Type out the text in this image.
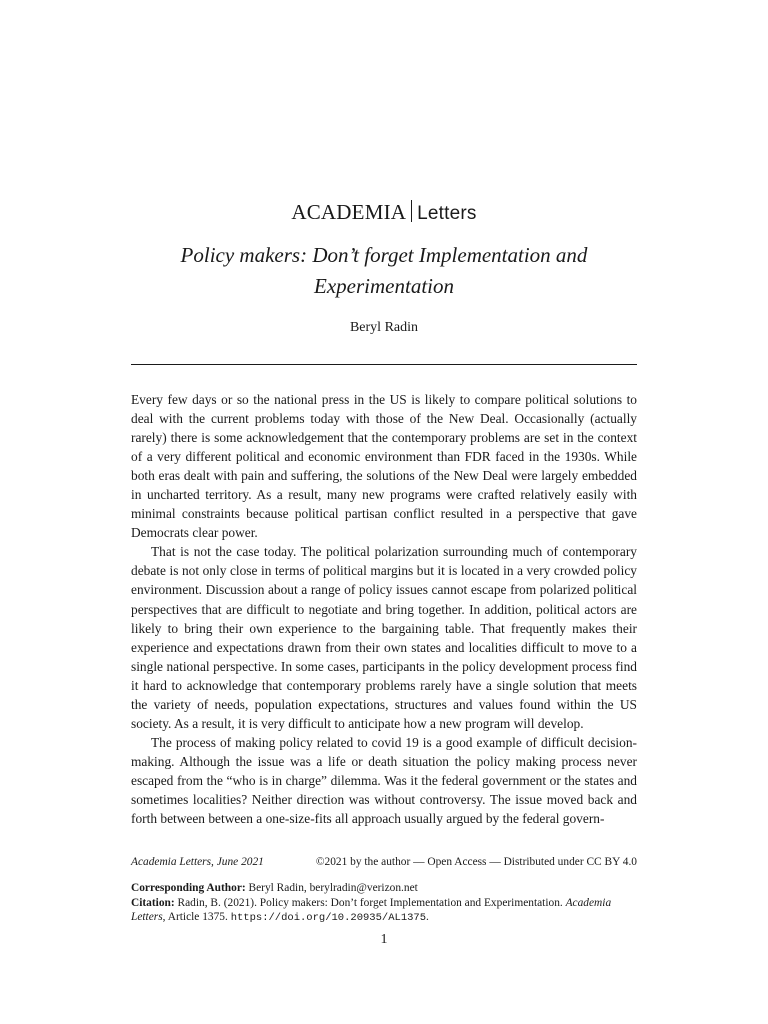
ACADEMIA Letters
Policy makers: Don’t forget Implementation and Experimentation
Beryl Radin

Every few days or so the national press in the US is likely to compare political solutions to deal with the current problems today with those of the New Deal. Occasionally (actually rarely) there is some acknowledgement that the contemporary problems are set in the context of a very different political and economic environment than FDR faced in the 1930s. While both eras dealt with pain and suffering, the solutions of the New Deal were largely embedded in uncharted territory. As a result, many new programs were crafted relatively easily with minimal constraints because political partisan conflict resulted in a perspective that gave Democrats clear power.

That is not the case today. The political polarization surrounding much of contemporary debate is not only close in terms of political margins but it is located in a very crowded policy environment. Discussion about a range of policy issues cannot escape from polarized political perspectives that are difficult to negotiate and bring together. In addition, political actors are likely to bring their own experience to the bargaining table. That frequently makes their experience and expectations drawn from their own states and localities difficult to move to a single national perspective. In some cases, participants in the policy development process find it hard to acknowledge that contemporary problems rarely have a single solution that meets the variety of needs, population expectations, structures and values found within the US society. As a result, it is very difficult to anticipate how a new program will develop.

The process of making policy related to covid 19 is a good example of difficult decision-making. Although the issue was a life or death situation the policy making process never escaped from the “who is in charge” dilemma. Was it the federal government or the states and sometimes localities? Neither direction was without controversy. The issue moved back and forth between between a one-size-fits all approach usually argued by the federal govern-

Academia Letters, June 2021	©2021 by the author — Open Access — Distributed under CC BY 4.0
Corresponding Author: Beryl Radin, berylradin@verizon.net
Citation: Radin, B. (2021). Policy makers: Don’t forget Implementation and Experimentation. Academia Letters, Article 1375. https://doi.org/10.20935/AL1375.
1
